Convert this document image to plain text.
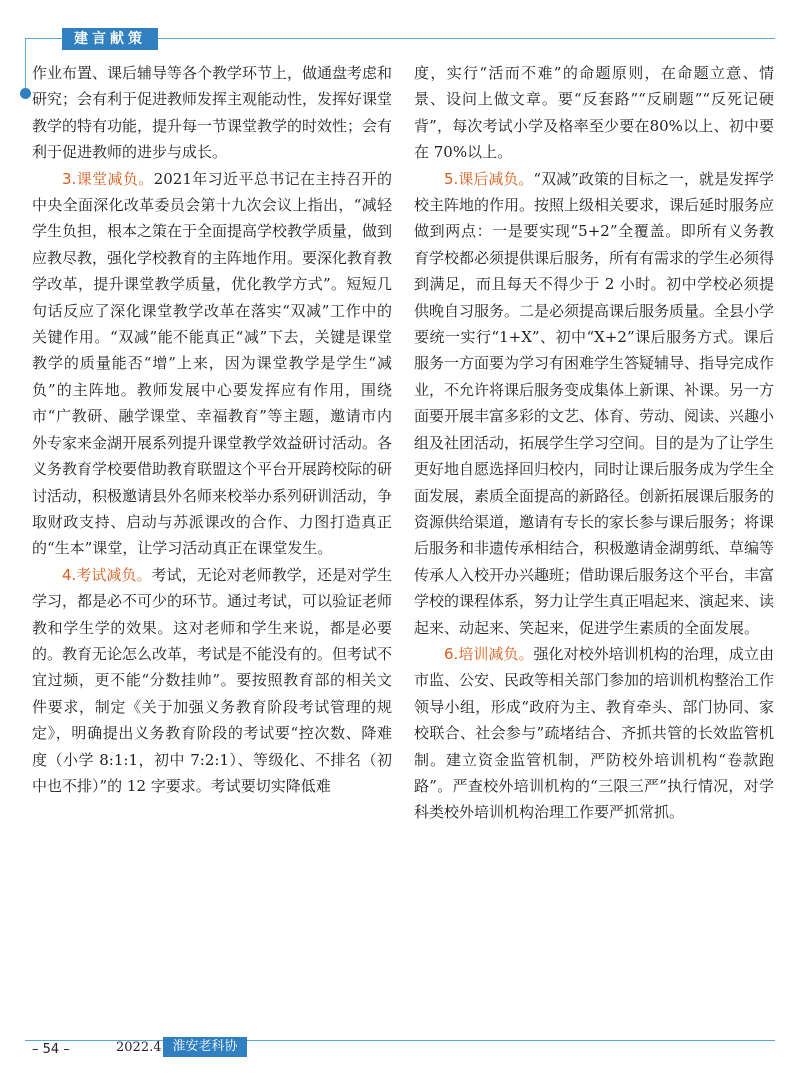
建言献策

作业布置、课后辅导等各个教学环节上，做通盘考虑和研究；会有利于促进教师发挥主观能动性，发挥好课堂教学的特有功能，提升每一节课堂教学的时效性；会有利于促进教师的进步与成长。

3.课堂减负。2021年习近平总书记在主持召开的中央全面深化改革委员会第十九次会议上指出，“减轻学生负担，根本之策在于全面提高学校教学质量，做到应教尽教，强化学校教育的主阵地作用。要深化教育教学改革，提升课堂教学质量，优化教学方式”。短短几句话反应了深化课堂教学改革在落实“双减”工作中的关键作用。“双减”能不能真正“减”下去，关键是课堂教学的质量能否“增”上来，因为课堂教学是学生“减负”的主阵地。教师发展中心要发挥应有作用，围绕市“广教研、融学课堂、幸福教育”等主题，邀请市内外专家来金湖开展系列提升课堂教学效益研讨活动。各义务教育学校要借助教育联盟这个平台开展跨校际的研讨活动，积极邀请县外名师来校举办系列研训活动，争取财政支持、启动与苏派课改的合作、力图打造真正的“生本”课堂，让学习活动真正在课堂发生。

4.考试减负。考试，无论对老师教学，还是对学生学习，都是必不可少的环节。通过考试，可以验证老师教和学生学的效果。这对老师和学生来说，都是必要的。教育无论怎么改革，考试是不能没有的。但考试不宜过频，更不能“分数挂帅”。要按照教育部的相关文件要求，制定《关于加强义务教育阶段考试管理的规定》，明确提出义务教育阶段的考试要“控次数、降难度（小学 8:1:1，初中 7:2:1）、等级化、不排名（初中也不排）”的 12 字要求。考试要切实降低难

度，实行“活而不难”的命题原则，在命题立意、情景、设问上做文章。要“反套路”“反刷题”“反死记硬背”，每次考试小学及格率至少要在80%以上、初中要在 70%以上。

5.课后减负。“双减”政策的目标之一，就是发挥学校主阵地的作用。按照上级相关要求，课后延时服务应做到两点：一是要实现“5+2”全覆盖。即所有义务教育学校都必须提供课后服务，所有有需求的学生必须得到满足，而且每天不得少于 2 小时。初中学校必须提供晚自习服务。二是必须提高课后服务质量。全县小学要统一实行“1+X”、初中“X+2”课后服务方式。课后服务一方面要为学习有困难学生答疑辅导、指导完成作业，不允许将课后服务变成集体上新课、补课。另一方面要开展丰富多彩的文艺、体育、劳动、阅读、兴趣小组及社团活动，拓展学生学习空间。目的是为了让学生更好地自愿选择回归校内，同时让课后服务成为学生全面发展，素质全面提高的新路径。创新拓展课后服务的资源供给渠道，邀请有专长的家长参与课后服务；将课后服务和非遗传承相结合，积极邀请金湖剪纸、草编等传承人入校开办兴趣班；借助课后服务这个平台，丰富学校的课程体系，努力让学生真正唱起来、演起来、读起来、动起来、笑起来，促进学生素质的全面发展。

6.培训减负。强化对校外培训机构的治理，成立由市监、公安、民政等相关部门参加的培训机构整治工作领导小组，形成“政府为主、教育牵头、部门协同、家校联合、社会参与”疏堵结合、齐抓共管的长效监管机制。建立资金监管机制，严防校外培训机构“卷款跑路”。严查校外培训机构的“三限三严”执行情况，对学科类校外培训机构治理工作要严抓常抓。

– 54 –	2022.4 淮安老科协
